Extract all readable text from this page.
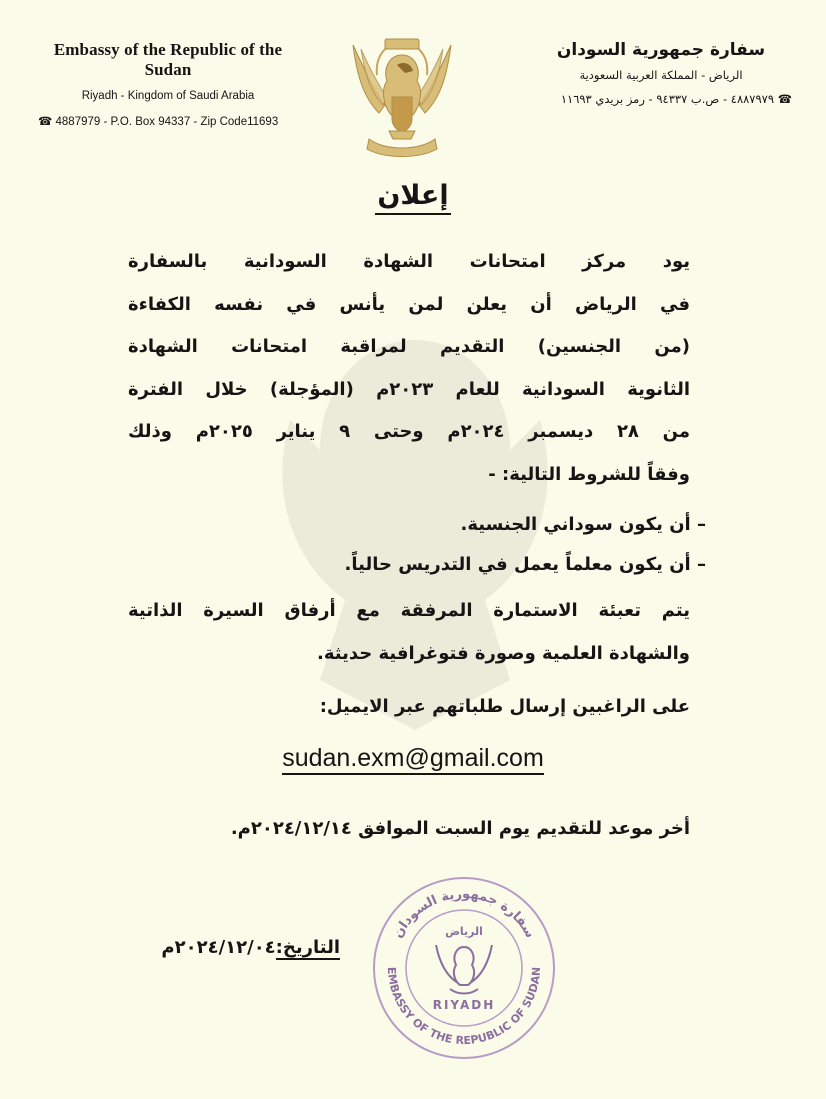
Embassy of the Republic of the Sudan
Riyadh - Kingdom of Saudi Arabia
☎ 4887979 - P.O. Box 94337 - Zip Code11693
سفارة جمهورية السودان
الرياض - المملكة العربية السعودية
☎ ٤٨٨٧٩٧٩ - ص.ب ٩٤٣٣٧ - رمز بريدي ١١٦٩٣
إعلان
يود مركز امتحانات الشهادة السودانية بالسفارة
في الرياض أن يعلن لمن يأنس في نفسه الكفاءة
(من الجنسين) التقديم لمراقبة امتحانات الشهادة
الثانوية السودانية للعام ٢٠٢٣م (المؤجلة) خلال الفترة
من ٢٨ ديسمبر ٢٠٢٤م وحتى ٩ يناير ٢٠٢٥م وذلك
وفقاً للشروط التالية: -
– أن يكون سوداني الجنسية.
– أن يكون معلماً يعمل في التدريس حالياً.
يتم تعبئة الاستمارة المرفقة مع أرفاق السيرة الذاتية
والشهادة العلمية وصورة فتوغرافية حديثة.
على الراغبين إرسال طلباتهم عبر الايميل:
sudan.exm@gmail.com
أخر موعد للتقديم يوم السبت الموافق ٢٠٢٤/١٢/١٤م.
سفارة جمهورية السودان
EMBASSY OF THE REPUBLIC OF SUDAN
الرياض
RIYADH
التاريخ:٢٠٢٤/١٢/٠٤م
